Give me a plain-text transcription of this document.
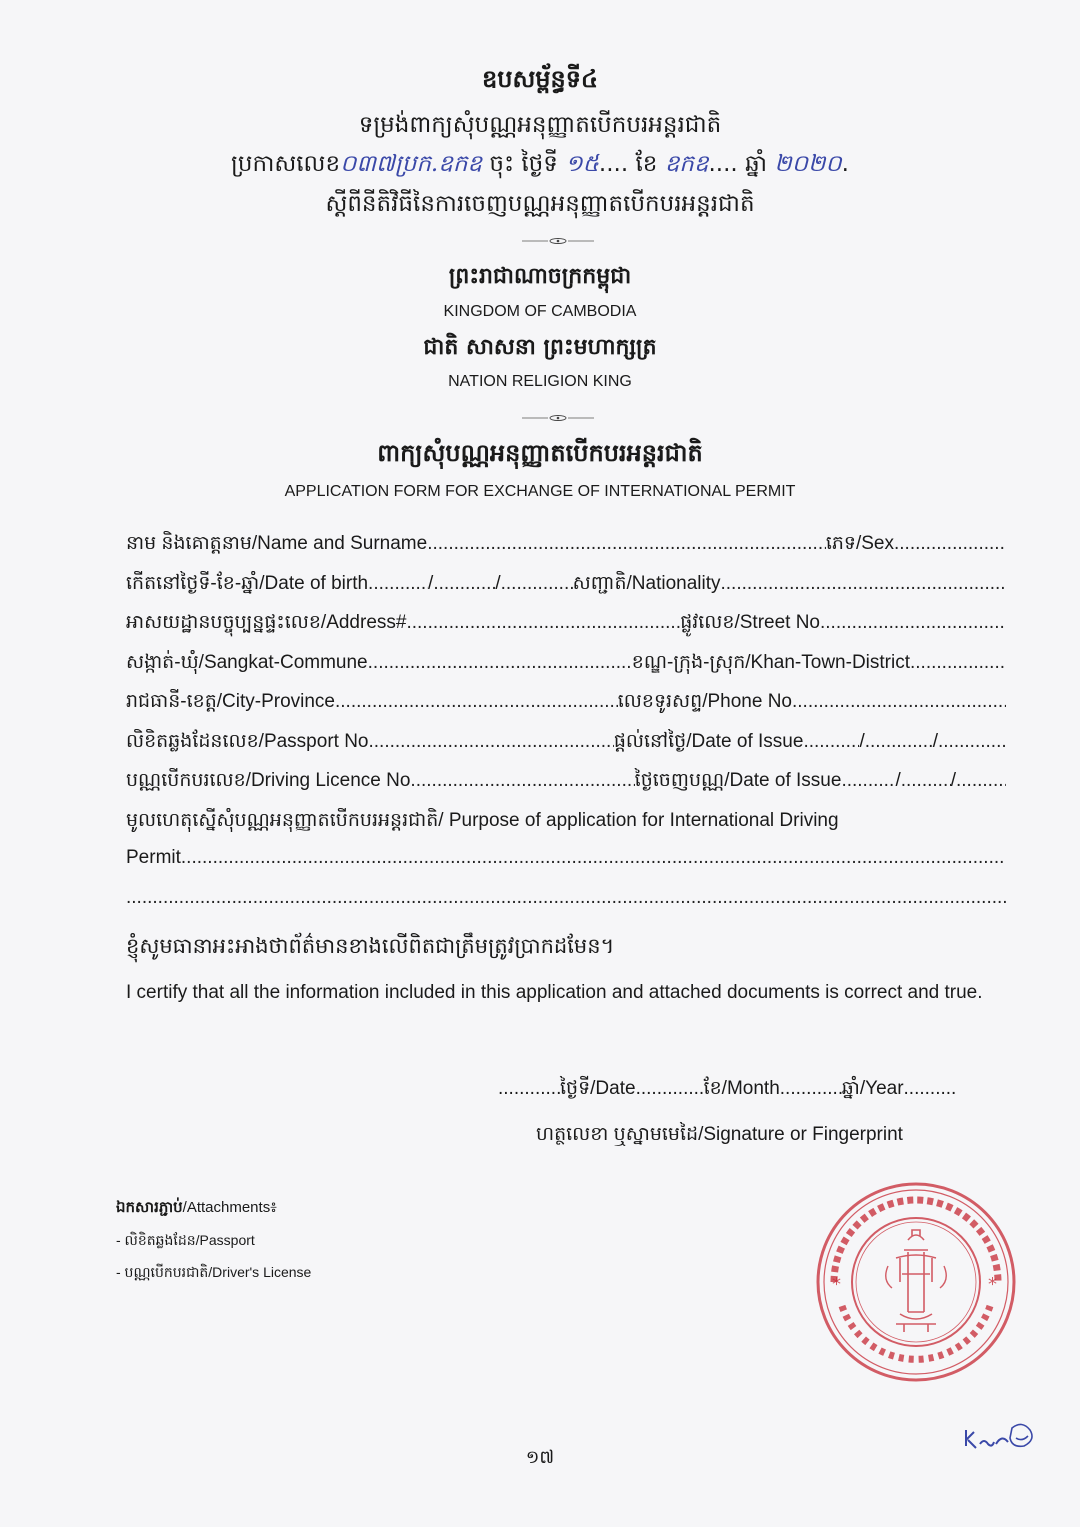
ឧបសម្ព័ន្ធទី៤
ទម្រង់ពាក្យសុំបណ្ណអនុញ្ញាតបើកបរអន្តរជាតិ
ប្រកាសលេខ០៣៧ប្រក.ឧកឧ ចុះ ថ្ងៃទី ១៥.... ខែ ឧកឧ.... ឆ្នាំ ២០២០.
ស្ដីពីនីតិវិធីនៃការចេញបណ្ណអនុញ្ញាតបើកបរអន្តរជាតិ
ព្រះរាជាណាចក្រកម្ពុជា
KINGDOM OF CAMBODIA
ជាតិ សាសនា ព្រះមហាក្សត្រ
NATION RELIGION KING
ពាក្យសុំបណ្ណអនុញ្ញាតបើកបរអន្តរជាតិ
APPLICATION FORM FOR EXCHANGE OF INTERNATIONAL PERMIT
នាម និងគោត្តនាម/Name and Surname .....	ភេទ/Sex
.....
កើតនៅថ្ងៃទី-ខែ-ឆ្នាំ/Date of birth .....	/ .....	/ .....	សញ្ជាតិ/Nationality
.....
អាសយដ្ឋានបច្ចុប្បន្នផ្ទះលេខ/Address# .....	ផ្លូវលេខ/Street No
.....
សង្កាត់-ឃុំ/Sangkat-Commune .....	ខណ្ឌ-ក្រុង-ស្រុក/Khan-Town-District
.....
រាជធានី-ខេត្ត/City-Province .....	លេខទូរសព្ទ/Phone No
.....
លិខិតឆ្លងដែនលេខ/Passport No .....	ផ្ដល់នៅថ្ងៃ/Date of Issue .....	/ .....	/
.....
បណ្ណបើកបរលេខ/Driving Licence No .....	ថ្ងៃចេញបណ្ណ/Date of Issue .....	/ .....	/
.....
មូលហេតុស្នើសុំបណ្ណអនុញ្ញាតបើកបរអន្តរជាតិ/ Purpose of application for International Driving
Permit
.....
.....
ខ្ញុំសូមធានាអះអាងថាព័ត៌មានខាងលើពិតជាត្រឹមត្រូវប្រាកដមែន។
I certify that all the information included in this application and attached documents is correct and true.
.....
ថ្ងៃទី/Date .....	ខែ/Month .....	ឆ្នាំ/Year
.....
ហត្ថលេខា ឬស្នាមមេដៃ/Signature or Fingerprint
ឯកសារភ្ជាប់/Attachments៖
- លិខិតឆ្លងដែន/Passport
- បណ្ណបើកបរជាតិ/Driver's License
*	*
១៧
